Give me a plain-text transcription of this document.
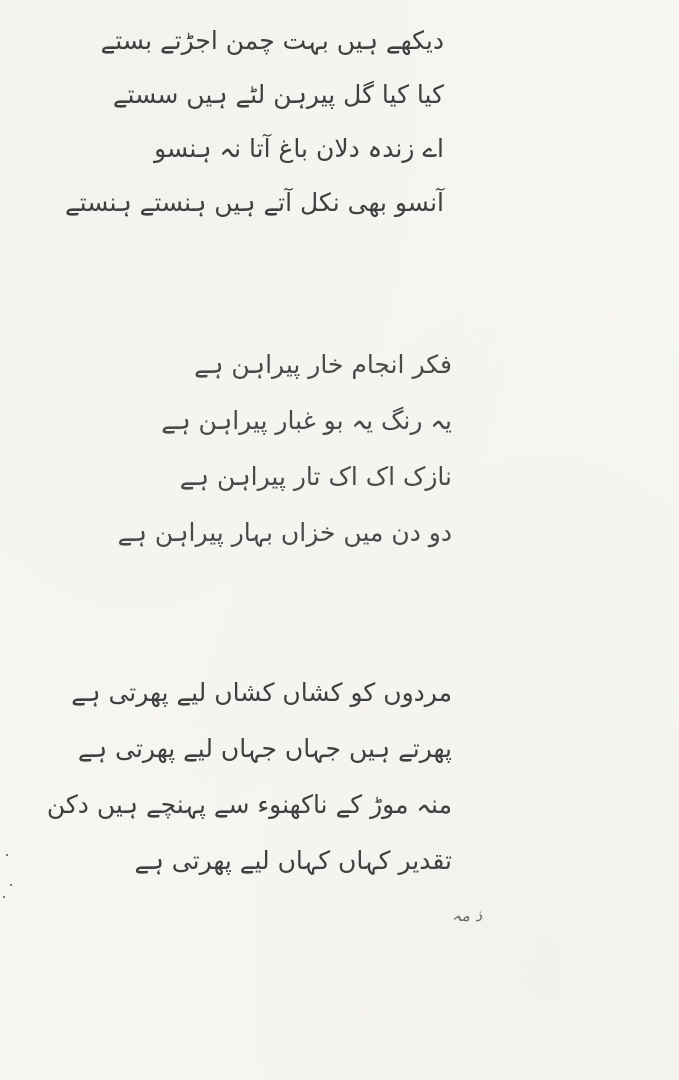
دیکھے ہیں بہت چمن اجڑتے بستے
کیا کیا گل پیرہن لٹے ہیں سستے
اے زندہ دلان باغ آتا نہ ہنسو
آنسو بھی نکل آتے ہیں ہنستے ہنستے
فکر انجام خار پیراہن ہے
یہ رنگ یہ بو غبار پیراہن ہے
نازک اک اک تار پیراہن ہے
دو دن میں خزاں بہار پیراہن ہے
مردوں کو کشاں کشاں لیے پھرتی ہے
پھرتے ہیں جہاں جہاں لیے پھرتی ہے
منہ موڑ کے ناکھنوء سے پہنچے ہیں دکن
تقدیر کہاں کہاں لیے پھرتی ہے
ذ مہ
